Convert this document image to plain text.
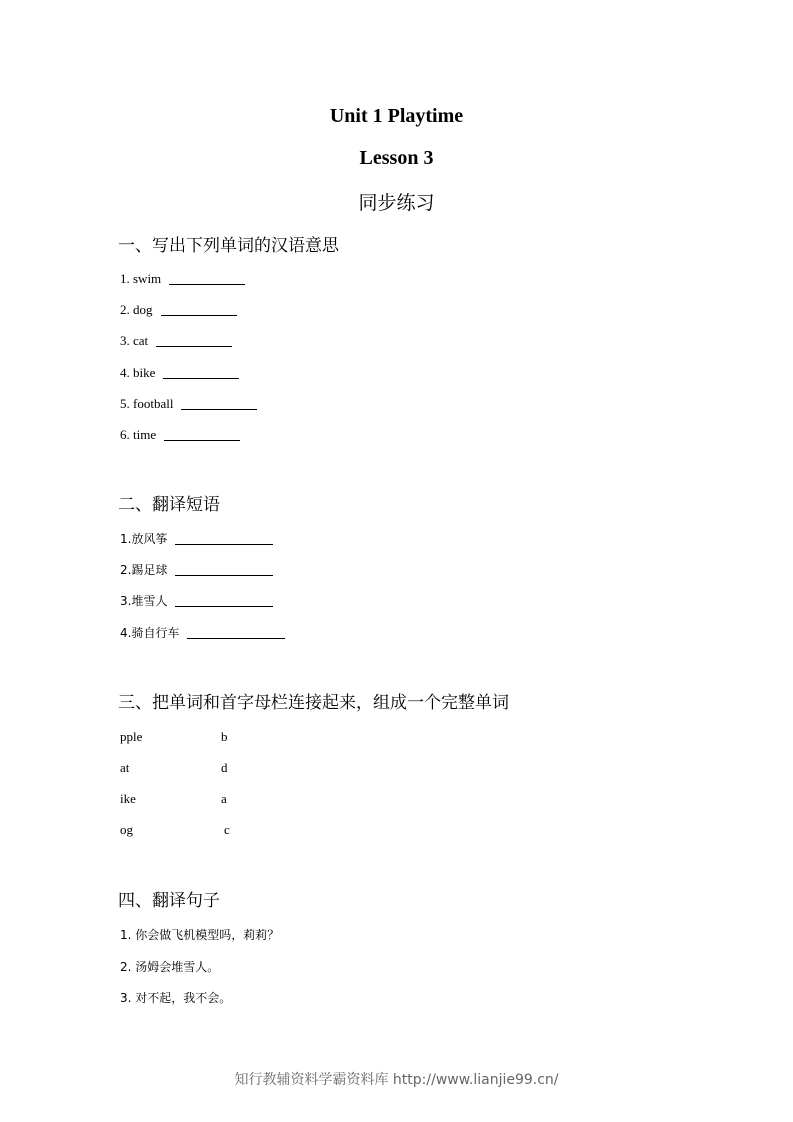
Unit 1 Playtime
Lesson 3
同步练习
一、写出下列单词的汉语意思
1. swim
2. dog
3. cat
4. bike
5. football
6. time
二、翻译短语
1.放风筝
2.踢足球
3.堆雪人
4.骑自行车
三、把单词和首字母栏连接起来，组成一个完整单词
pple
at
ike
og
b
d
a
c
四、翻译句子
1. 你会做飞机模型吗，莉莉？
2. 汤姆会堆雪人。
3. 对不起，我不会。
知行教辅资料学霸资料库 http://www.lianjie99.cn/
